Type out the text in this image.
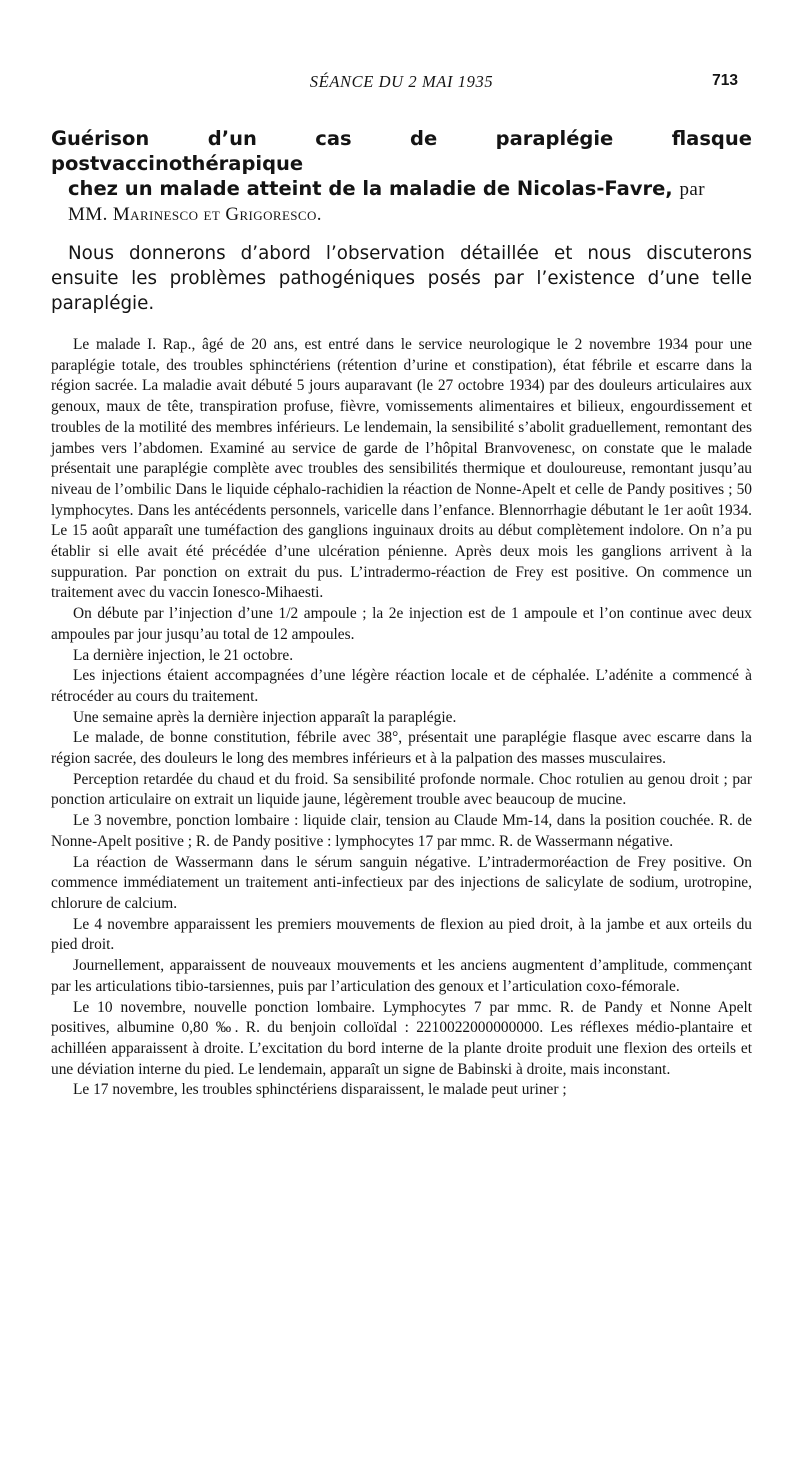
SÉANCE DU 2 MAI 1935	713
Guérison d’un cas de paraplégie flasque postvaccinothérapique
chez un malade atteint de la maladie de Nicolas-Favre, par
MM. Marinesco et Grigoresco.

Nous donnerons d’abord l’observation détaillée et nous discuterons ensuite les problèmes pathogéniques posés par l’existence d’une telle paraplégie.

Le malade I. Rap., âgé de 20 ans, est entré dans le service neurologique le 2 novembre 1934 pour une paraplégie totale, des troubles sphinctériens (rétention d’urine et constipation), état fébrile et escarre dans la région sacrée. La maladie avait débuté 5 jours auparavant (le 27 octobre 1934) par des douleurs articulaires aux genoux, maux de tête, transpiration profuse, fièvre, vomissements alimentaires et bilieux, engourdissement et troubles de la motilité des membres inférieurs. Le lendemain, la sensibilité s’abolit graduellement, remontant des jambes vers l’abdomen. Examiné au service de garde de l’hôpital Branvovenesc, on constate que le malade présentait une paraplégie complète avec troubles des sensibilités thermique et douloureuse, remontant jusqu’au niveau de l’ombilic Dans le liquide céphalo-rachidien la réaction de Nonne-Apelt et celle de Pandy positives ; 50 lymphocytes. Dans les antécédents personnels, varicelle dans l’enfance. Blennorrhagie débutant le 1er août 1934. Le 15 août apparaît une tuméfaction des ganglions inguinaux droits au début complètement indolore. On n’a pu établir si elle avait été précédée d’une ulcération pénienne. Après deux mois les ganglions arrivent à la suppuration. Par ponction on extrait du pus. L’intradermo-réaction de Frey est positive. On commence un traitement avec du vaccin Ionesco-Mihaesti.

On débute par l’injection d’une 1/2 ampoule ; la 2e injection est de 1 ampoule et l’on continue avec deux ampoules par jour jusqu’au total de 12 ampoules.

La dernière injection, le 21 octobre.

Les injections étaient accompagnées d’une légère réaction locale et de céphalée. L’adénite a commencé à rétrocéder au cours du traitement.

Une semaine après la dernière injection apparaît la paraplégie.

Le malade, de bonne constitution, fébrile avec 38°, présentait une paraplégie flasque avec escarre dans la région sacrée, des douleurs le long des membres inférieurs et à la palpation des masses musculaires.

Perception retardée du chaud et du froid. Sa sensibilité profonde normale. Choc rotulien au genou droit ; par ponction articulaire on extrait un liquide jaune, légèrement trouble avec beaucoup de mucine.

Le 3 novembre, ponction lombaire : liquide clair, tension au Claude Mm-14, dans la position couchée. R. de Nonne-Apelt positive ; R. de Pandy positive : lymphocytes 17 par mmc. R. de Wassermann négative.

La réaction de Wassermann dans le sérum sanguin négative. L’intradermoréaction de Frey positive. On commence immédiatement un traitement anti-infectieux par des injections de salicylate de sodium, urotropine, chlorure de calcium.

Le 4 novembre apparaissent les premiers mouvements de flexion au pied droit, à la jambe et aux orteils du pied droit.

Journellement, apparaissent de nouveaux mouvements et les anciens augmentent d’amplitude, commençant par les articulations tibio-tarsiennes, puis par l’articulation des genoux et l’articulation coxo-fémorale.

Le 10 novembre, nouvelle ponction lombaire. Lymphocytes 7 par mmc. R. de Pandy et Nonne Apelt positives, albumine 0,80 ‰. R. du benjoin colloïdal : 2210022000000000. Les réflexes médio-plantaire et achilléen apparaissent à droite. L’excitation du bord interne de la plante droite produit une flexion des orteils et une déviation interne du pied. Le lendemain, apparaît un signe de Babinski à droite, mais inconstant.

Le 17 novembre, les troubles sphinctériens disparaissent, le malade peut uriner ;
